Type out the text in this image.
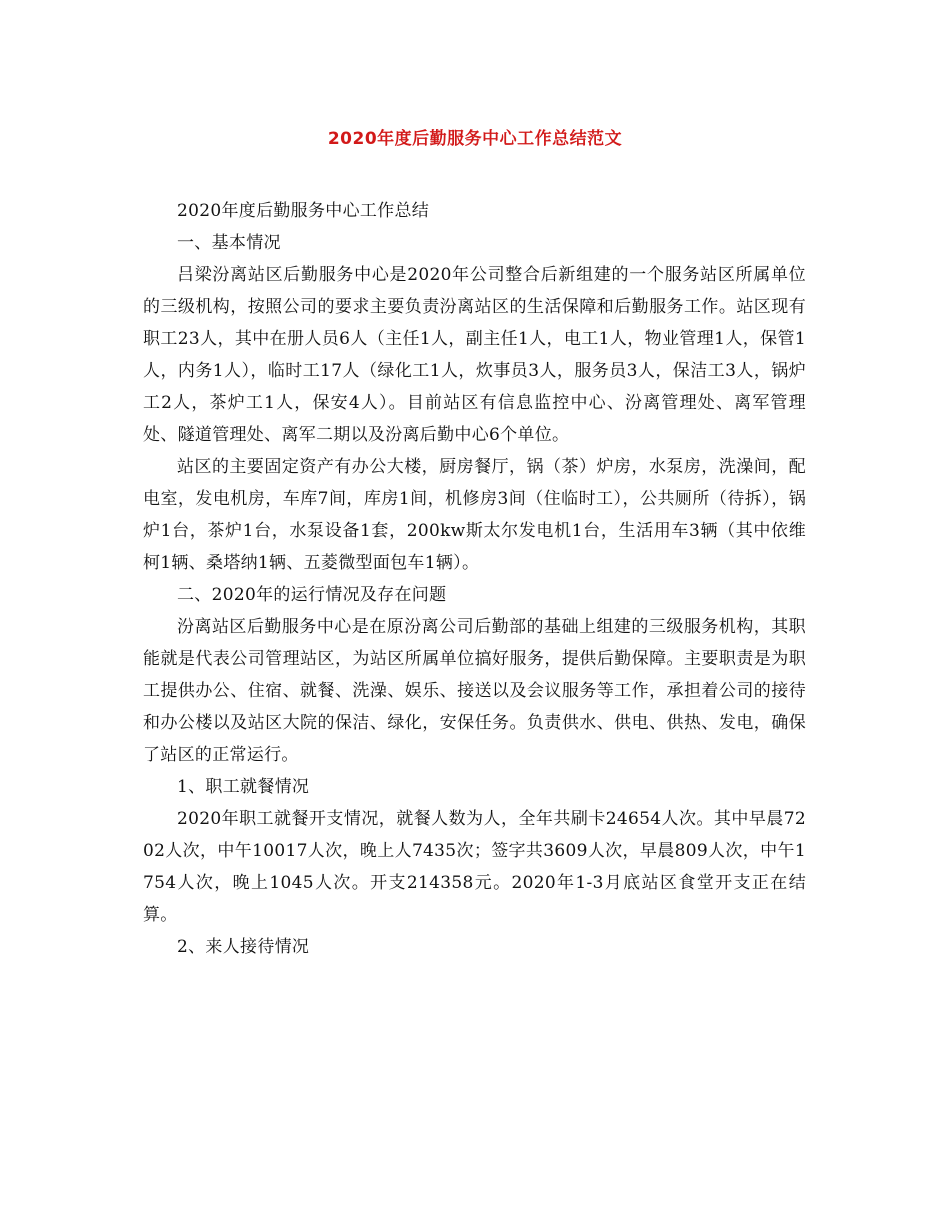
2020年度后勤服务中心工作总结范文

2020年度后勤服务中心工作总结

一、基本情况

吕梁汾离站区后勤服务中心是2020年公司整合后新组建的一个服务站区所属单位的三级机构，按照公司的要求主要负责汾离站区的生活保障和后勤服务工作。站区现有职工23人，其中在册人员6人（主任1人，副主任1人，电工1人，物业管理1人，保管1人，内务1人），临时工17人（绿化工1人，炊事员3人，服务员3人，保洁工3人，锅炉工2人，茶炉工1人，保安4人）。目前站区有信息监控中心、汾离管理处、离军管理处、隧道管理处、离军二期以及汾离后勤中心6个单位。

站区的主要固定资产有办公大楼，厨房餐厅，锅（茶）炉房，水泵房，洗澡间，配电室，发电机房，车库7间，库房1间，机修房3间（住临时工），公共厕所（待拆），锅炉1台，茶炉1台，水泵设备1套，200kw斯太尔发电机1台，生活用车3辆（其中依维柯1辆、桑塔纳1辆、五菱微型面包车1辆）。

二、2020年的运行情况及存在问题

汾离站区后勤服务中心是在原汾离公司后勤部的基础上组建的三级服务机构，其职能就是代表公司管理站区，为站区所属单位搞好服务，提供后勤保障。主要职责是为职工提供办公、住宿、就餐、洗澡、娱乐、接送以及会议服务等工作，承担着公司的接待和办公楼以及站区大院的保洁、绿化，安保任务。负责供水、供电、供热、发电，确保了站区的正常运行。

1、职工就餐情况

2020年职工就餐开支情况，就餐人数为人，全年共刷卡24654人次。其中早晨7202人次，中午10017人次，晚上人7435次；签字共3609人次，早晨809人次，中午1754人次，晚上1045人次。开支214358元。2020年1-3月底站区食堂开支正在结算。

2、来人接待情况
